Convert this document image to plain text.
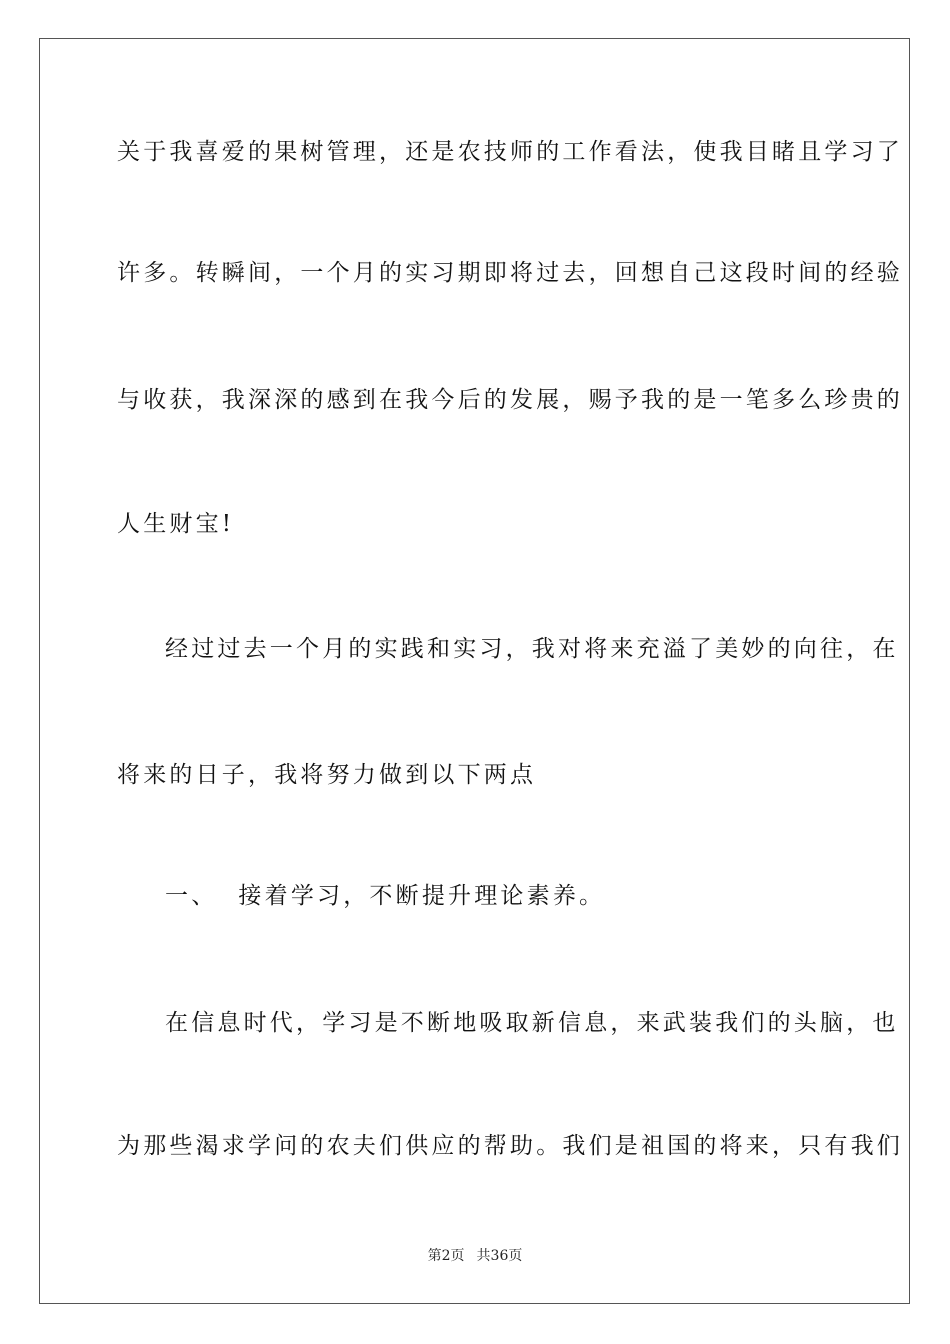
关于我喜爱的果树管理，还是农技师的工作看法，使我目睹且学习了
许多。转瞬间，一个月的实习期即将过去，回想自己这段时间的经验
与收获，我深深的感到在我今后的发展，赐予我的是一笔多么珍贵的
人生财宝!
经过过去一个月的实践和实习，我对将来充溢了美妙的向往，在
将来的日子，我将努力做到以下两点
一、  接着学习，不断提升理论素养。
在信息时代，学习是不断地吸取新信息，来武装我们的头脑，也
为那些渴求学问的农夫们供应的帮助。我们是祖国的将来，只有我们
第2页 共36页
